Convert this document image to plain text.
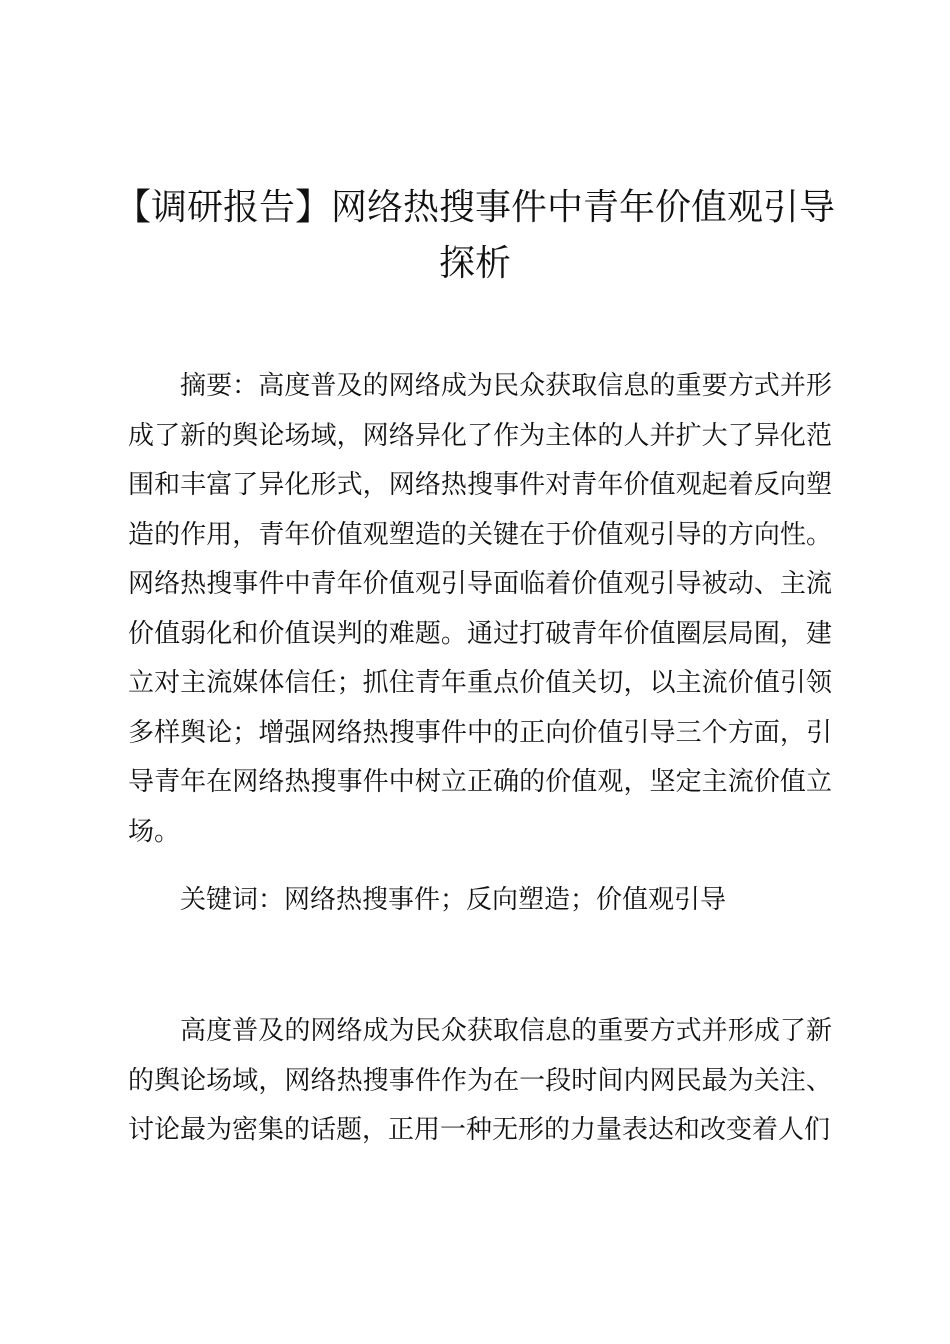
【调研报告】网络热搜事件中青年价值观引导探析

摘要：高度普及的网络成为民众获取信息的重要方式并形成了新的舆论场域，网络异化了作为主体的人并扩大了异化范围和丰富了异化形式，网络热搜事件对青年价值观起着反向塑造的作用，青年价值观塑造的关键在于价值观引导的方向性。网络热搜事件中青年价值观引导面临着价值观引导被动、主流价值弱化和价值误判的难题。通过打破青年价值圈层局囿，建立对主流媒体信任；抓住青年重点价值关切，以主流价值引领多样舆论；增强网络热搜事件中的正向价值引导三个方面，引导青年在网络热搜事件中树立正确的价值观，坚定主流价值立场。

关键词：网络热搜事件；反向塑造；价值观引导

高度普及的网络成为民众获取信息的重要方式并形成了新的舆论场域，网络热搜事件作为在一段时间内网民最为关注、讨论最为密集的话题，正用一种无形的力量表达和改变着人们
